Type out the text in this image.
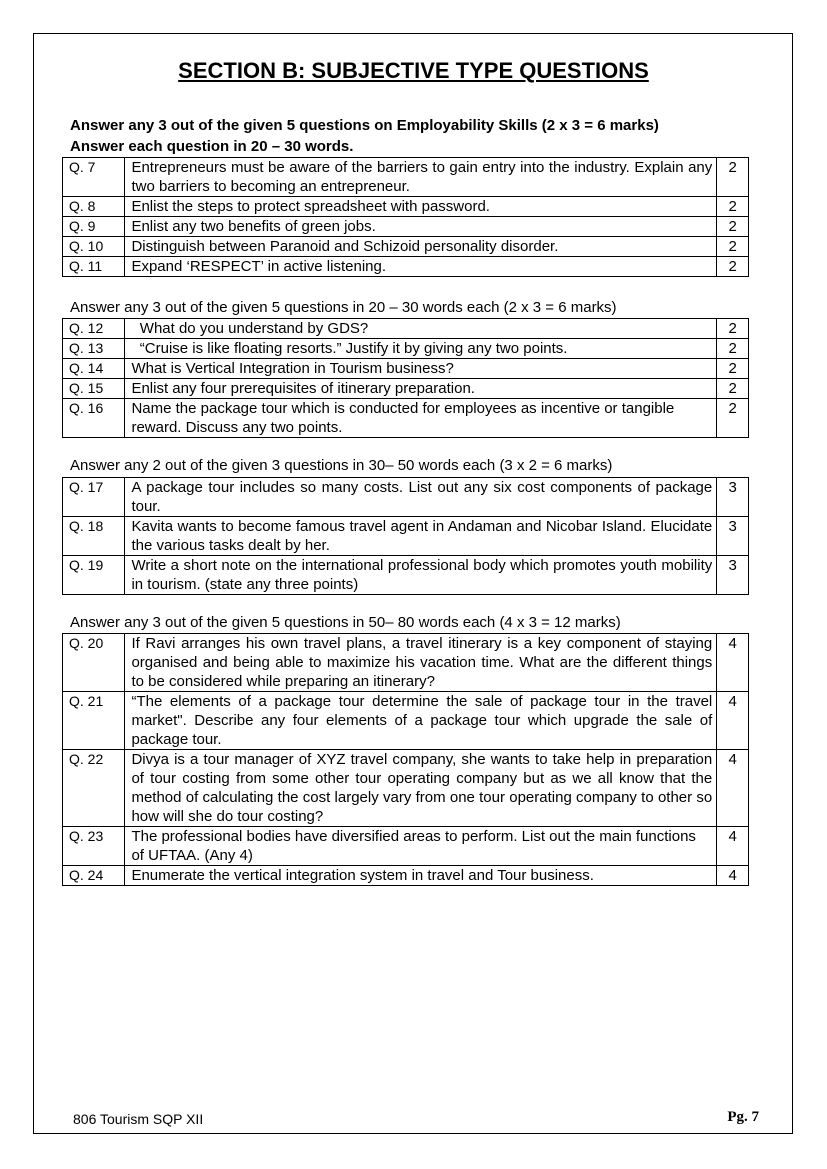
SECTION B: SUBJECTIVE TYPE QUESTIONS
Answer any 3 out of the given 5 questions on Employability Skills (2 x 3 = 6 marks)
Answer each question in 20 – 30 words.
Q. 7	Entrepreneurs must be aware of the barriers to gain entry into the industry. Explain any two barriers to becoming an entrepreneur.	2
Q. 8	Enlist the steps to protect spreadsheet with password.	2
Q. 9	Enlist any two benefits of green jobs.	2
Q. 10	Distinguish between Paranoid and Schizoid personality disorder.	2
Q. 11	Expand ‘RESPECT’ in active listening.	2
Answer any 3 out of the given 5 questions in 20 – 30 words each (2 x 3 = 6 marks)
Q. 12	What do you understand by GDS?	2
Q. 13	“Cruise is like floating resorts.” Justify it by giving any two points.	2
Q. 14	What is Vertical Integration in Tourism business?	2
Q. 15	Enlist any four prerequisites of itinerary preparation.	2
Q. 16	Name the package tour which is conducted for employees as incentive or tangible reward. Discuss any two points.	2
Answer any 2 out of the given 3 questions in 30– 50 words each (3 x 2 = 6 marks)
Q. 17	A package tour includes so many costs. List out any six cost components of package tour.	3
Q. 18	Kavita wants to become famous travel agent in Andaman and Nicobar Island. Elucidate the various tasks dealt by her.	3
Q. 19	Write a short note on the international professional body which promotes youth mobility in tourism. (state any three points)	3
Answer any 3 out of the given 5 questions in 50– 80 words each (4 x 3 = 12 marks)
Q. 20	If Ravi arranges his own travel plans, a travel itinerary is a key component of staying organised and being able to maximize his vacation time. What are the different things to be considered while preparing an itinerary?	4
Q. 21	“The elements of a package tour determine the sale of package tour in the travel market". Describe any four elements of a package tour which upgrade the sale of package tour.	4
Q. 22	Divya is a tour manager of XYZ travel company, she wants to take help in preparation of tour costing from some other tour operating company but as we all know that the method of calculating the cost largely vary from one tour operating company to other so how will she do tour costing?	4
Q. 23	The professional bodies have diversified areas to perform. List out the main functions of UFTAA. (Any 4)	4
Q. 24	Enumerate the vertical integration system in travel and Tour business.	4
806 Tourism SQP XII	Pg. 7
